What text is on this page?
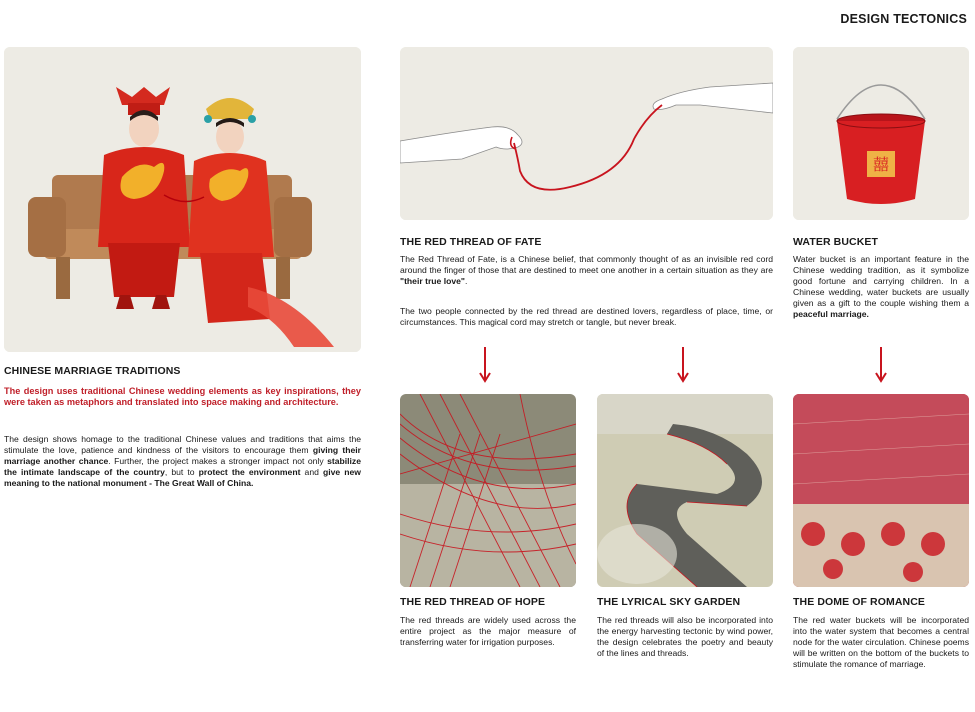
DESIGN TECTONICS
CHINESE MARRIAGE TRADITIONS
The design uses traditional Chinese wedding elements as key inspirations, they were taken as metaphors and translated into space making and architecture.
The design shows homage to the traditional Chinese values and traditions that aims the stimulate the love, patience and kindness of the visitors to encourage them giving their marriage another chance. Further, the project makes a stronger impact not only stabilize the intimate landscape of the country, but to protect the environment and give new meaning to the national monument - The Great Wall of China.
THE RED THREAD OF FATE
The Red Thread of Fate, is a Chinese belief, that commonly thought of as an invisible red cord around the finger of those that are destined to meet one another in a certain situation as they are "their true love".
The two people connected by the red thread are destined lovers, regardless of place, time, or circumstances. This magical cord may stretch or tangle, but never break.
囍
WATER BUCKET
Water bucket is an important feature in the Chinese wedding tradition, as it symbolize good fortune and carrying children. In a Chinese wedding, water buckets are usually given as a gift to the couple wishing them a peaceful marriage.
THE RED THREAD OF HOPE
The red threads are widely used across the entire project as the major measure of transferring water for irrigation purposes.
THE LYRICAL SKY GARDEN
The red threads will also be incorporated into the energy harvesting tectonic by wind power, the design celebrates the poetry and beauty of the lines and threads.
THE DOME OF ROMANCE
The red water buckets will be incorporated into the water system that becomes a central node for the water circulation. Chinese poems will be written on the bottom of the buckets to stimulate the romance of marriage.
